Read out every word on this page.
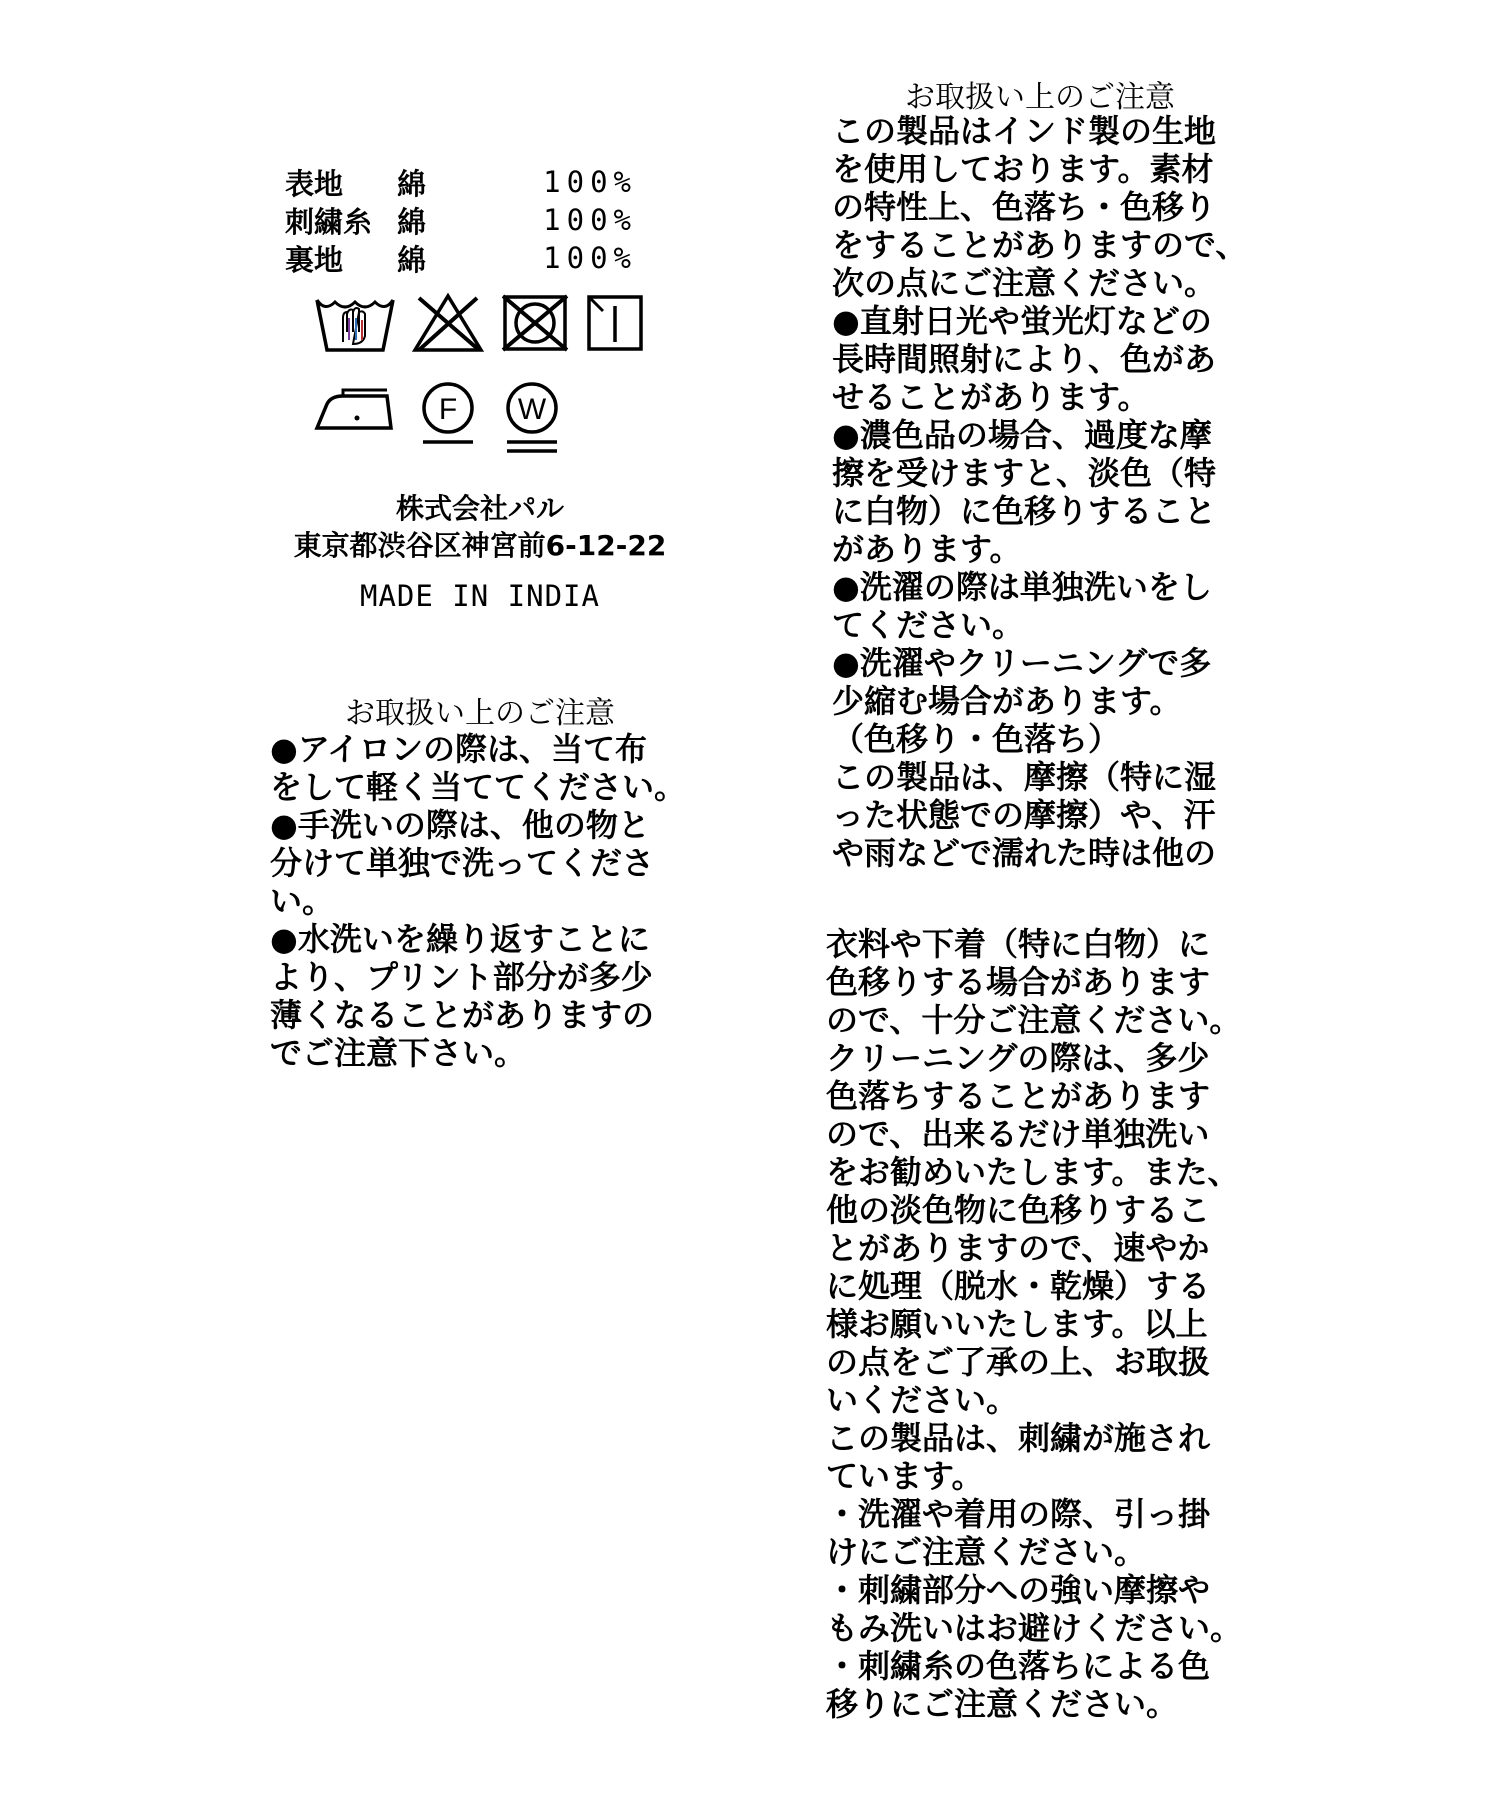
表地	綿	100%
刺繍糸 綿	100%
裏地	綿	100%
F W
株式会社パル
東京都渋谷区神宮前6-12-22
MADE IN INDIA
お取扱い上のご注意
●アイロンの際は、当て布
をして軽く当ててください。
●手洗いの際は、他の物と
分けて単独で洗ってくださ
い。
●水洗いを繰り返すことに
より、プリント部分が多少
薄くなることがありますの
でご注意下さい。
お取扱い上のご注意
この製品はインド製の生地
を使用しております。素材
の特性上、色落ち・色移り
をすることがありますので、
次の点にご注意ください。
●直射日光や蛍光灯などの
長時間照射により、色があ
せることがあります。
●濃色品の場合、過度な摩
擦を受けますと、淡色（特
に白物）に色移りすること
があります。
●洗濯の際は単独洗いをし
てください。
●洗濯やクリーニングで多
少縮む場合があります。
（色移り・色落ち）
この製品は、摩擦（特に湿
った状態での摩擦）や、汗
や雨などで濡れた時は他の
衣料や下着（特に白物）に
色移りする場合があります
ので、十分ご注意ください。
クリーニングの際は、多少
色落ちすることがあります
ので、出来るだけ単独洗い
をお勧めいたします。また、
他の淡色物に色移りするこ
とがありますので、速やか
に処理（脱水・乾燥）する
様お願いいたします。以上
の点をご了承の上、お取扱
いください。
この製品は、刺繍が施され
ています。
・洗濯や着用の際、引っ掛
けにご注意ください。
・刺繍部分への強い摩擦や
もみ洗いはお避けください。
・刺繍糸の色落ちによる色
移りにご注意ください。
